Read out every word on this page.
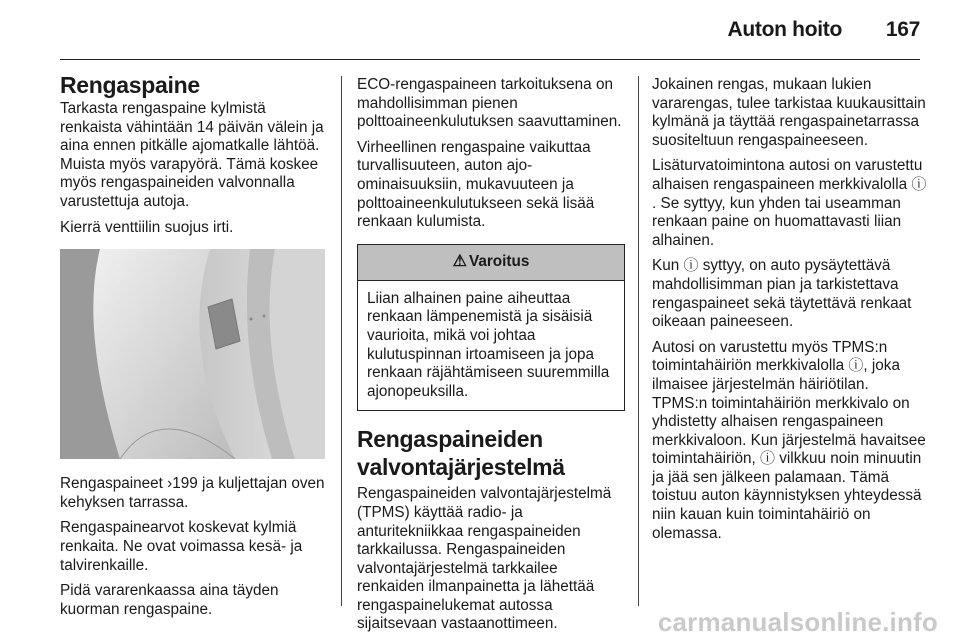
Auton hoito 167
Rengaspaine

Tarkasta rengaspaine kylmistä renkaista vähintään 14 päivän välein ja aina ennen pitkälle ajomatkalle lähtöä. Muista myös varapyörä. Tämä koskee myös rengaspaineiden valvonnalla varustettuja autoja.

Kierrä venttiilin suojus irti.

Rengaspaineet ›199 ja kuljettajan oven kehyksen tarrassa.

Rengaspainearvot koskevat kylmiä renkaita. Ne ovat voimassa kesä- ja talvirenkaille.

Pidä vararenkaassa aina täyden kuorman rengaspaine.

ECO-rengaspaineen tarkoituksena on mahdollisimman pienen polttoaineenkulutuksen saavuttaminen.

Virheellinen rengaspaine vaikuttaa turvallisuuteen, auton ajo-ominaisuuksiin, mukavuuteen ja polttoaineenkulutukseen sekä lisää renkaan kulumista.

⚠ Varoitus
Liian alhainen paine aiheuttaa renkaan lämpenemistä ja sisäisiä vaurioita, mikä voi johtaa kulutuspinnan irtoamiseen ja jopa renkaan räjähtämiseen suuremmilla ajonopeuksilla.
Rengaspaineiden valvontajärjestelmä

Rengaspaineiden valvontajärjestelmä (TPMS) käyttää radio- ja anturitekniikkaa rengaspaineiden tarkkailussa. Rengaspaineiden valvontajärjestelmä tarkkailee renkaiden ilmanpainetta ja lähettää rengaspainelukemat autossa sijaitsevaan vastaanottimeen.

Jokainen rengas, mukaan lukien vararengas, tulee tarkistaa kuukausittain kylmänä ja täyttää rengaspainetarrassa suositeltuun rengaspaineeseen.

Lisäturvatoimintona autosi on varustettu alhaisen rengaspaineen merkkivalolla ⓘ. Se syttyy, kun yhden tai useamman renkaan paine on huomattavasti liian alhainen.

Kun ⓘ syttyy, on auto pysäytettävä mahdollisimman pian ja tarkistettava rengaspaineet sekä täytettävä renkaat oikeaan paineeseen.

Autosi on varustettu myös TPMS:n toimintahäiriön merkkivalolla ⓘ, joka ilmaisee järjestelmän häiriötilan. TPMS:n toimintahäiriön merkkivalo on yhdistetty alhaisen rengaspaineen merkkivaloon. Kun järjestelmä havaitsee toimintahäiriön, ⓘ vilkkuu noin minuutin ja jää sen jälkeen palamaan. Tämä toistuu auton käynnistyksen yhteydessä niin kauan kuin toimintahäiriö on olemassa.

carmanualsonline.info
